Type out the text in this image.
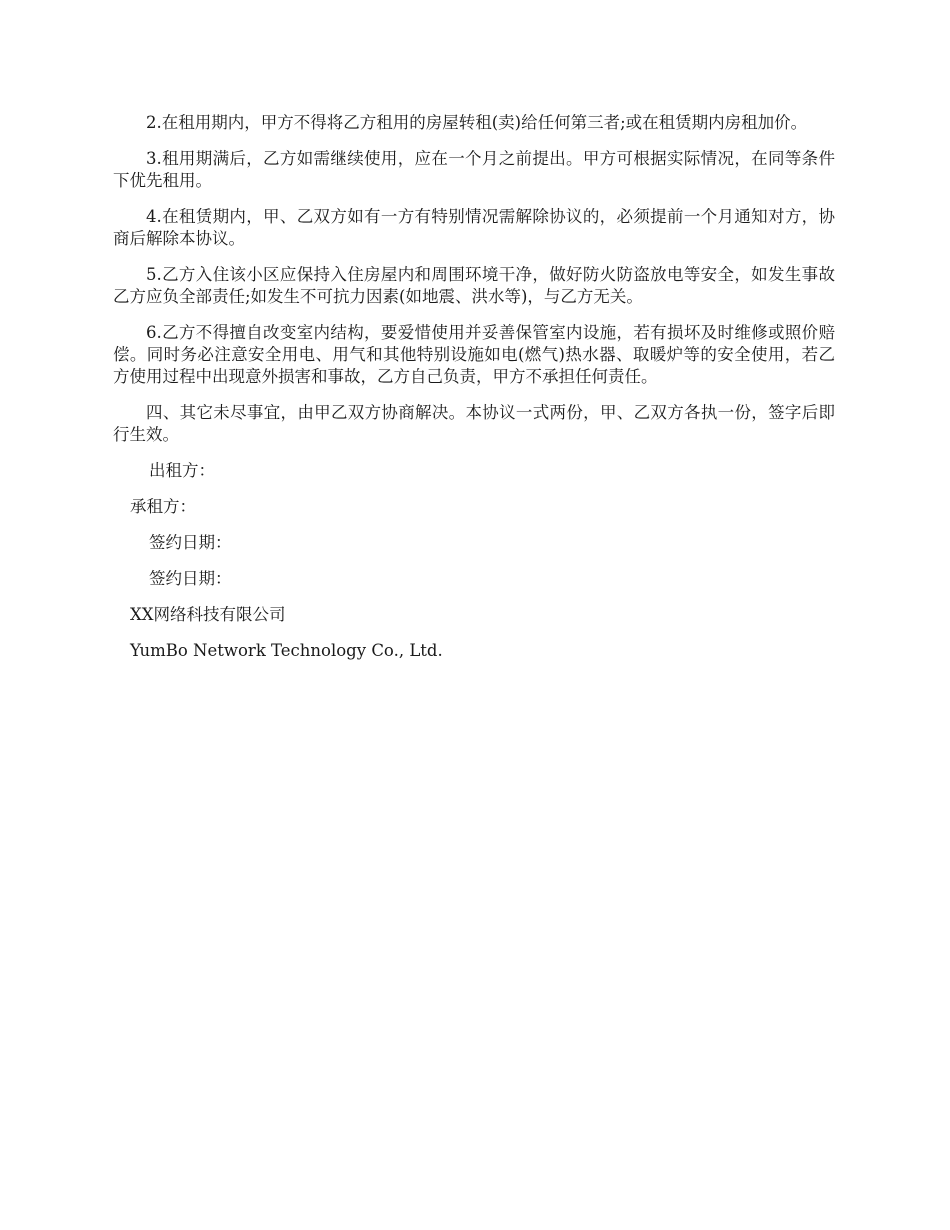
2.在租用期内，甲方不得将乙方租用的房屋转租(卖)给任何第三者;或在租赁期内房租加价。

3.租用期满后，乙方如需继续使用，应在一个月之前提出。甲方可根据实际情况，在同等条件下优先租用。

4.在租赁期内，甲、乙双方如有一方有特别情况需解除协议的，必须提前一个月通知对方，协商后解除本协议。

5.乙方入住该小区应保持入住房屋内和周围环境干净，做好防火防盗放电等安全，如发生事故乙方应负全部责任;如发生不可抗力因素(如地震、洪水等)，与乙方无关。

6.乙方不得擅自改变室内结构，要爱惜使用并妥善保管室内设施，若有损坏及时维修或照价赔偿。同时务必注意安全用电、用气和其他特别设施如电(燃气)热水器、取暖炉等的安全使用，若乙方使用过程中出现意外损害和事故，乙方自己负责，甲方不承担任何责任。

四、其它未尽事宜，由甲乙双方协商解决。本协议一式两份，甲、乙双方各执一份，签字后即行生效。

出租方：
承租方：
签约日期：
签约日期：
XX网络科技有限公司
YumBo Network Technology Co., Ltd.
